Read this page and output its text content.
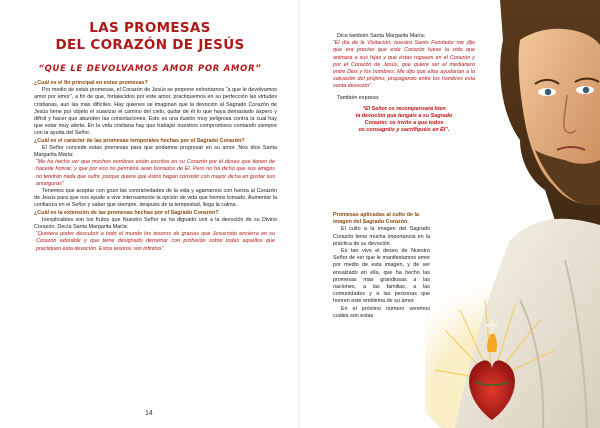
LAS PROMESAS
DEL CORAZÓN DE JESÚS
“QUE LE DEVOLVAMOS AMOR POR AMOR”

¿Cuál es el fin principal en estas promesas?

Por medio de estas promesas, el Corazón de Jesús se propone exhortarnos “a que le devolvamos amor por amor”, a fin de que, fortalecidos por este amor, practiquemos en su perfección las virtudes cristianas, aun las más difíciles. Hay quienes se imaginan que la devoción al Sagrado Corazón de Jesús tiene por objeto el suavizar el camino del cielo, quitar de él lo que haya demasiado áspero y difícil y hacer que abunden las consolaciones. Esto es una ilusión muy peligrosa contra la cual hay que estar muy alerta. En la vida cristiana hay que trabajar nuestros compromisos contando siempre con la ayuda del Señor.

¿Cuál es el carácter de las promesas temporales hechas por el Sagrado Corazón?

El Señor concede estas promesas para que podamos progresar en su amor. Nos dice Santa Margarita María:

“Me ha hecho ver que muchos nombres están escritos en su Corazón por el deseo que tienen de hacerle honrar, y que por eso no permitirá sean borrados de Él. Pero no ha dicho que sus amigos no tendrán nada que sufrir, porque quiere que éstos hagan consistir con mayor dicha en gustar sus amarguras”

Tenemos que aceptar con gozo las contrariedades de la vida y agarrarnos con fuerza al Corazón de Jesús para que nos ayude a vivir intensamente la opción de vida que hemos tomado. Aumentar la confianza en el Señor y saber que siempre, después de la tempestad, llega la calma.

¿Cuál es la extensión de las promesas hechas por el Sagrado Corazón?

Inexplicables son los frutos que Nuestro Señor se ha dignado unir a la devoción de su Divino Corazón. Decía Santa Margarita María:

“Quisiera poder descubrir a todo el mundo los tesoros de gracias que Jesucristo encierra en su Corazón adorable y que tiene designado derramar con profusión sobre todas aquellos que practiquen esta devoción. Estos tesoros son infinitos”.

14

Dice también Santa Margarita María:

“El día de la Visitación, nuestro Santo Fundador me dijo que era preciso que este Corazón fuese la vida que animara a sus hijas y que éstas rogasen en el Corazón y por el Corazón de Jesús, que quiere ser el medianero entre Dios y los hombres. Me dijo que ellas ayudarían a la salvación del prójimo, propagando entre los hombres esta santa devoción”.

También expresa:

“El Señor os recompensará bien
la devoción que tengáis a su Sagrado
Corazón; os invito a que todos
os consagréis y sacrifiquéis en Él”.

Promesas aplicadas al culto de la imagen del Sagrado Corazón.

El culto a la imagen del Sagrado Corazón tiene mucha importancia en la práctica de su devoción.

Es tan vivo el deseo de Nuestro Señor de ver que le manifestamos amor por medio de esta imagen, y de ser ensalzado en ella, que ha hecho las promesas más grandiosas a las naciones, a las familias, a las comunidades y a las personas que honren este emblema de su amor.

En el próximo número veremos cuáles son estas
